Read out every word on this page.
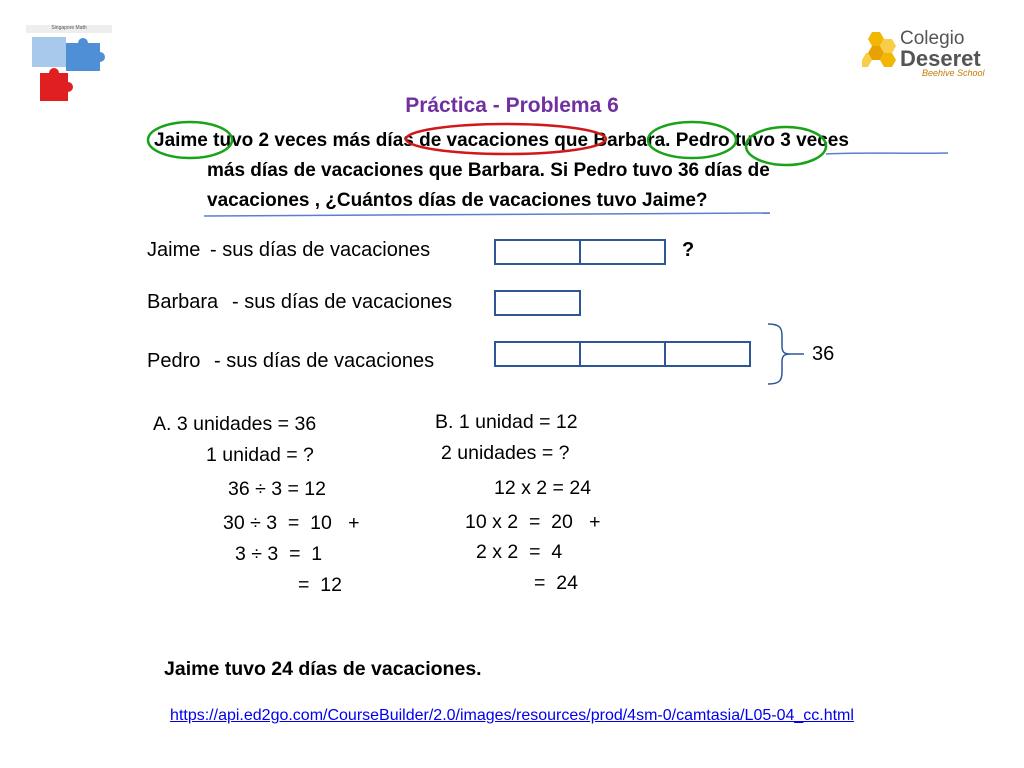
Singapore Math	Colegio
Deseret
Beehive School
Práctica - Problema 6
Jaime tuvo 2 veces más días de vacaciones que Barbara. Pedro tuvo 3 veces
más días de vacaciones que Barbara. Si Pedro tuvo 36 días de
vacaciones , ¿Cuántos días de vacaciones tuvo Jaime?
Jaime - sus días de vacaciones	?
Barbara - sus días de vacaciones
Pedro - sus días de vacaciones	36
A. 3 unidades = 36
1 unidad = ?
36 ÷ 3 = 12
30 ÷ 3  =  10   +
3 ÷ 3  =  1
=  12
B. 1 unidad = 12
2 unidades = ?
12 x 2 = 24
10 x 2  =  20   +
2 x 2  =  4
=  24
Jaime tuvo 24 días de vacaciones.
https://api.ed2go.com/CourseBuilder/2.0/images/resources/prod/4sm-0/camtasia/L05-04_cc.html
